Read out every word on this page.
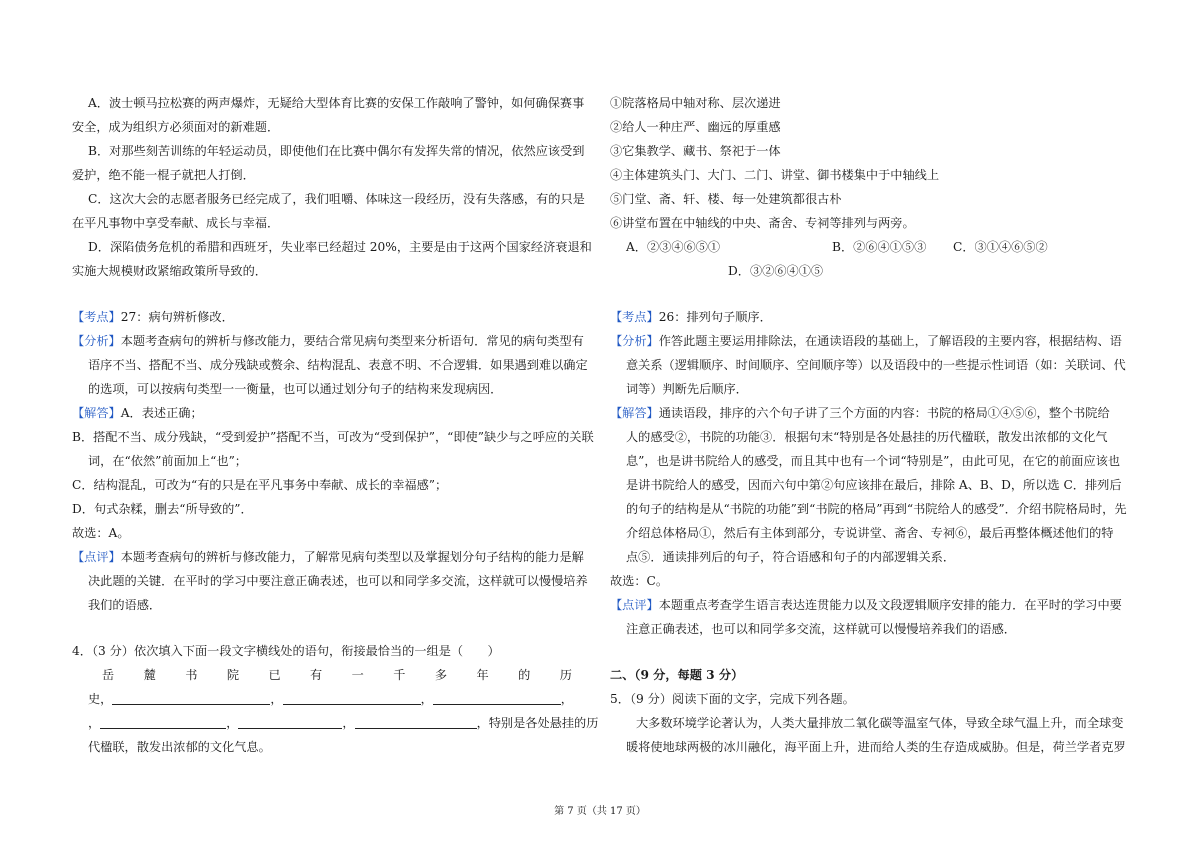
A．波士顿马拉松赛的两声爆炸，无疑给大型体育比赛的安保工作敲响了警钟，如何确保赛事
安全，成为组织方必须面对的新难题．
B．对那些刻苦训练的年轻运动员，即使他们在比赛中偶尔有发挥失常的情况，依然应该受到
爱护，绝不能一棍子就把人打倒．
C．这次大会的志愿者服务已经完成了，我们咀嚼、体味这一段经历，没有失落感，有的只是
在平凡事物中享受奉献、成长与幸福．
D．深陷债务危机的希腊和西班牙，失业率已经超过 20%，主要是由于这两个国家经济衰退和
实施大规模财政紧缩政策所导致的．
【考点】27：病句辨析修改．
【分析】本题考查病句的辨析与修改能力，要结合常见病句类型来分析语句．常见的病句类型有
语序不当、搭配不当、成分残缺或赘余、结构混乱、表意不明、不合逻辑．如果遇到难以确定
的选项，可以按病句类型一一衡量，也可以通过划分句子的结构来发现病因．
【解答】A．表述正确；
B．搭配不当、成分残缺，“受到爱护”搭配不当，可改为“受到保护”，“即使”缺少与之呼应的关联
词，在“依然”前面加上“也”；
C．结构混乱，可改为“有的只是在平凡事务中奉献、成长的幸福感”；
D．句式杂糅，删去“所导致的”．
故选：A。
【点评】本题考查病句的辨析与修改能力，了解常见病句类型以及掌握划分句子结构的能力是解
决此题的关键．在平时的学习中要注意正确表述，也可以和同学多交流，这样就可以慢慢培养
我们的语感．
4．（3 分）依次填入下面一段文字横线处的语句，衔接最恰当的一组是（　　）
岳 麓 书 院 已 有 一 千 多 年 的 历
史，	，	，	，
，	，	，	，特别是各处悬挂的历
代楹联，散发出浓郁的文化气息。
①院落格局中轴对称、层次递进
②给人一种庄严、幽远的厚重感
③它集教学、藏书、祭祀于一体
④主体建筑头门、大门、二门、讲堂、御书楼集中于中轴线上
⑤门堂、斋、轩、楼、每一处建筑都很古朴
⑥讲堂布置在中轴线的中央、斋舍、专祠等排列与两旁。
A．②③④⑥⑤①	B．②⑥④①⑤③ C．③①④⑥⑤②
D．③②⑥④①⑤
【考点】26：排列句子顺序．
【分析】作答此题主要运用排除法，在通读语段的基础上，了解语段的主要内容，根据结构、语
意关系（逻辑顺序、时间顺序、空间顺序等）以及语段中的一些提示性词语（如：关联词、代
词等）判断先后顺序．
【解答】通读语段，排序的六个句子讲了三个方面的内容：书院的格局①④⑤⑥，整个书院给
人的感受②，书院的功能③．根据句末“特别是各处悬挂的历代楹联，散发出浓郁的文化气
息”，也是讲书院给人的感受，而且其中也有一个词“特别是”，由此可见，在它的前面应该也
是讲书院给人的感受，因而六句中第②句应该排在最后，排除 A、B、D，所以选 C．排列后
的句子的结构是从“书院的功能”到“书院的格局”再到“书院给人的感受”．介绍书院格局时，先
介绍总体格局①，然后有主体到部分，专说讲堂、斋舍、专祠⑥，最后再整体概述他们的特
点⑤．通读排列后的句子，符合语感和句子的内部逻辑关系．
故选：C。
【点评】本题重点考查学生语言表达连贯能力以及文段逻辑顺序安排的能力．在平时的学习中要
注意正确表述，也可以和同学多交流，这样就可以慢慢培养我们的语感．
二、（9 分，每题 3 分）
5．（9 分）阅读下面的文字，完成下列各题。
大多数环境学论著认为，人类大量排放二氧化碳等温室气体，导致全球气温上升，而全球变
暖将使地球两极的冰川融化，海平面上升，进而给人类的生存造成威胁。但是，荷兰学者克罗
第 7 页（共 17 页）
